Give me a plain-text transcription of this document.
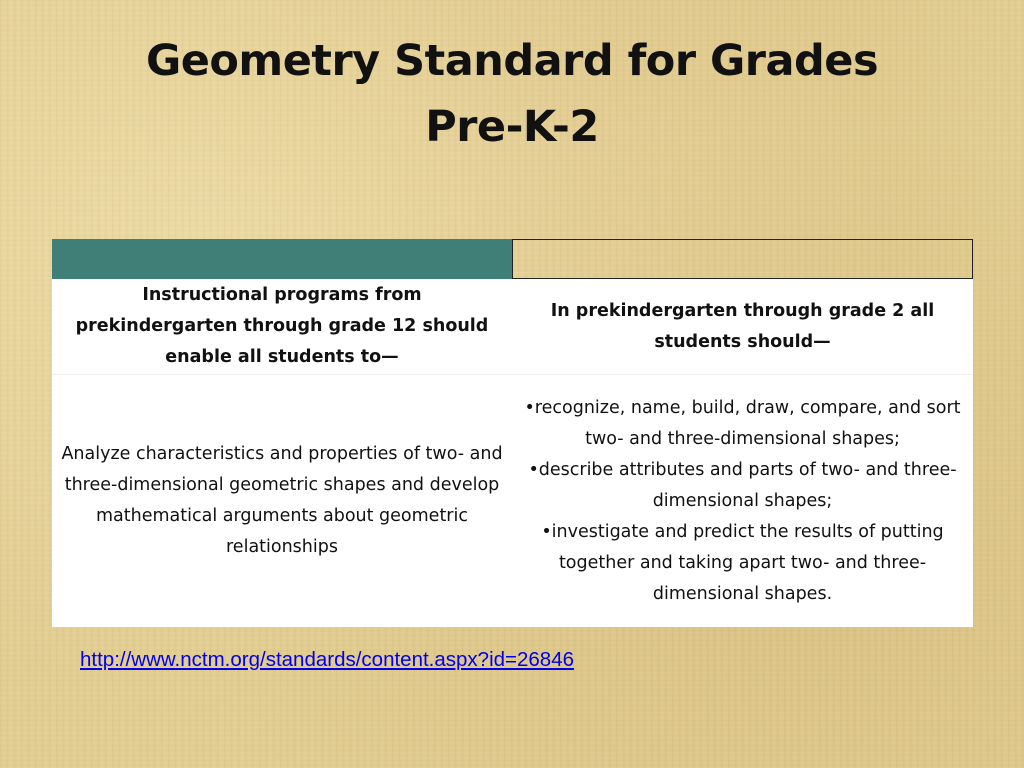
Geometry Standard for Grades
Pre-K-2
Instructional programs from prekindergarten through grade 12 should enable all students to—
In prekindergarten through grade 2 all students should—
Analyze characteristics and properties of two- and three-dimensional geometric shapes and develop mathematical arguments about geometric relationships
•recognize, name, build, draw, compare, and sort two- and three-dimensional shapes;
•describe attributes and parts of two- and three-dimensional shapes;
•investigate and predict the results of putting together and taking apart two- and three-dimensional shapes.
http://www.nctm.org/standards/content.aspx?id=26846
